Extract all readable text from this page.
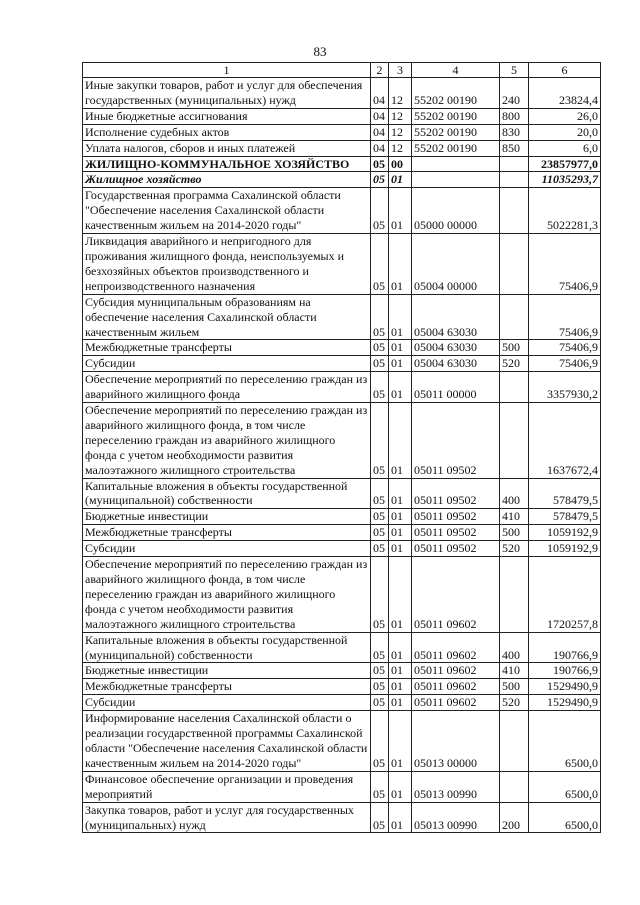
83
1	2	3	4	5	6
Иные закупки товаров, работ и услуг для обеспечения государственных (муниципальных) нужд	04	12	55202 00190	240	23824,4
Иные бюджетные ассигнования	04	12	55202 00190	800	26,0
Исполнение судебных актов	04	12	55202 00190	830	20,0
Уплата налогов, сборов и иных платежей	04	12	55202 00190	850	6,0
ЖИЛИЩНО-КОММУНАЛЬНОЕ ХОЗЯЙСТВО	05	00			23857977,0
Жилищное хозяйство	05	01			11035293,7
Государственная программа Сахалинской области "Обеспечение населения Сахалинской области качественным жильем на 2014-2020 годы"	05	01	05000 00000		5022281,3
Ликвидация аварийного и непригодного для проживания жилищного фонда, неиспользуемых и безхозяйных объектов производственного и непроизводственного назначения	05	01	05004 00000		75406,9
Субсидия муниципальным образованиям на обеспечение населения Сахалинской области качественным жильем	05	01	05004 63030		75406,9
Межбюджетные трансферты	05	01	05004 63030	500	75406,9
Субсидии	05	01	05004 63030	520	75406,9
Обеспечение мероприятий по переселению граждан из аварийного жилищного фонда	05	01	05011 00000		3357930,2
Обеспечение мероприятий по переселению граждан из аварийного жилищного фонда, в том числе переселению граждан из аварийного жилищного фонда с учетом необходимости развития малоэтажного жилищного строительства	05	01	05011 09502		1637672,4
Капитальные вложения в объекты государственной (муниципальной) собственности	05	01	05011 09502	400	578479,5
Бюджетные инвестиции	05	01	05011 09502	410	578479,5
Межбюджетные трансферты	05	01	05011 09502	500	1059192,9
Субсидии	05	01	05011 09502	520	1059192,9
Обеспечение мероприятий по переселению граждан из аварийного жилищного фонда, в том числе переселению граждан из аварийного жилищного фонда с учетом необходимости развития малоэтажного жилищного строительства	05	01	05011 09602		1720257,8
Капитальные вложения в объекты государственной (муниципальной) собственности	05	01	05011 09602	400	190766,9
Бюджетные инвестиции	05	01	05011 09602	410	190766,9
Межбюджетные трансферты	05	01	05011 09602	500	1529490,9
Субсидии	05	01	05011 09602	520	1529490,9
Информирование населения Сахалинской области о реализации государственной программы Сахалинской области "Обеспечение населения Сахалинской области качественным жильем на 2014-2020 годы"	05	01	05013 00000		6500,0
Финансовое обеспечение организации и проведения мероприятий	05	01	05013 00990		6500,0
Закупка товаров, работ и услуг для государственных (муниципальных) нужд	05	01	05013 00990	200	6500,0
